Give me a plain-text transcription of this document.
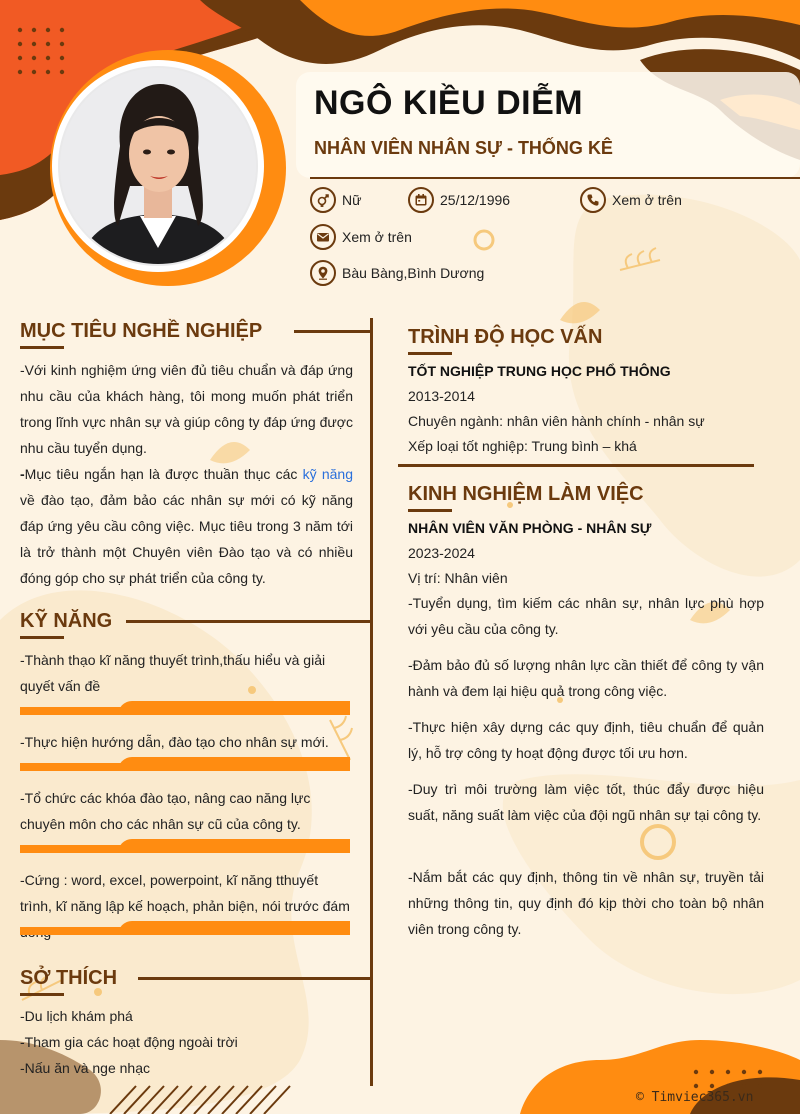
NGÔ KIỀU DIỄM
NHÂN VIÊN NHÂN SỰ - THỐNG KÊ
Nữ	25/12/1996	Xem ở trên
Xem ở trên
Bàu Bàng,Bình Dương
MỤC TIÊU NGHỀ NGHIỆP
-Với kinh nghiệm ứng viên đủ tiêu chuẩn và đáp ứng nhu cầu của khách hàng, tôi mong muốn phát triển trong lĩnh vực nhân sự và giúp công ty đáp ứng được nhu cầu tuyển dụng.
-Mục tiêu ngắn hạn là được thuần thục các kỹ năng về đào tạo, đảm bảo các nhân sự mới có kỹ năng đáp ứng yêu cầu công việc. Mục tiêu trong 3 năm tới là trở thành một Chuyên viên Đào tạo và có nhiều đóng góp cho sự phát triển của công ty.
KỸ NĂNG
-Thành thạo kĩ năng thuyết trình,thấu hiểu và giải quyết vấn đề
-Thực hiện hướng dẫn, đào tạo cho nhân sự mới.
-Tổ chức các khóa đào tạo, nâng cao năng lực chuyên môn cho các nhân sự cũ của công ty.
-Cứng : word, excel, powerpoint, kĩ năng tthuyết trình, kĩ năng lập kế hoạch, phản biện, nói trước đám
SỞ THÍCH
-Du lịch khám phá
-Tham gia các hoạt động ngoài trời
-Nấu ăn và nge nhạc
TRÌNH ĐỘ HỌC VẤN
TỐT NGHIỆP TRUNG HỌC PHỔ THÔNG
2013-2014
Chuyên ngành: nhân viên hành chính - nhân sự
Xếp loại tốt nghiệp: Trung bình – khá
KINH NGHIỆM LÀM VIỆC
NHÂN VIÊN VĂN PHÒNG - NHÂN SỰ
2023-2024
Vị trí: Nhân viên
-Tuyển dụng, tìm kiếm các nhân sự, nhân lực phù hợp với yêu cầu của công ty.
-Đảm bảo đủ số lượng nhân lực cần thiết để công ty vận hành và đem lại hiệu quả trong công việc.
-Thực hiện xây dựng các quy định, tiêu chuẩn để quản lý, hỗ trợ công ty hoạt động được tối ưu hơn.
-Duy trì môi trường làm việc tốt, thúc đẩy được hiệu suất, năng suất làm việc của đội ngũ nhân sự tại công ty.
-Nắm bắt các quy định, thông tin về nhân sự, truyền tải những thông tin, quy định đó kịp thời cho toàn bộ nhân viên trong công ty.
© Timviec365.vn
